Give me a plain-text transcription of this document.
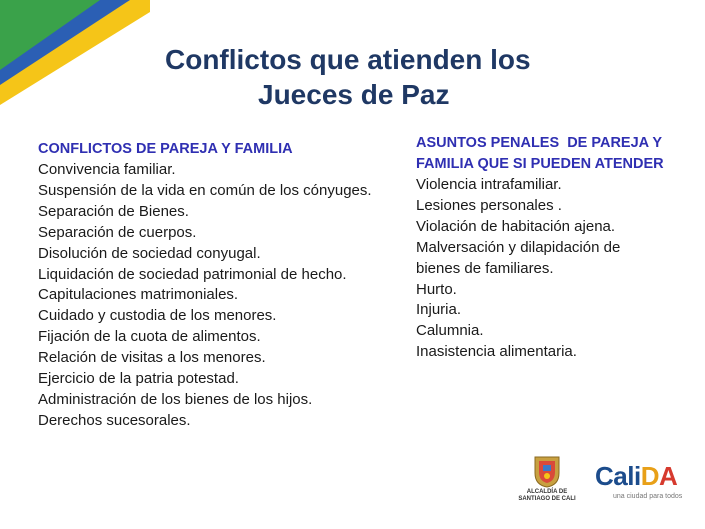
Conflictos que atienden los
Jueces de Paz
CONFLICTOS DE PAREJA Y FAMILIA
Convivencia familiar.
Suspensión de la vida en común de los cónyuges.
Separación de Bienes.
Separación de cuerpos.
Disolución de sociedad conyugal.
Liquidación de sociedad patrimonial de hecho.
Capitulaciones matrimoniales.
Cuidado y custodia de los menores.
Fijación de la cuota de alimentos.
Relación de visitas a los menores.
Ejercicio de la patria potestad.
Administración de los bienes de los hijos.
Derechos sucesorales.
ASUNTOS PENALES  DE PAREJA Y
FAMILIA QUE SI PUEDEN ATENDER
Violencia intrafamiliar.
Lesiones personales .
Violación de habitación ajena.
Malversación y dilapidación de
bienes de familiares.
Hurto.
Injuria.
Calumnia.
Inasistencia alimentaria.
ALCALDÍA DE
SANTIAGO DE CALI
CaliDA
una ciudad para todos
